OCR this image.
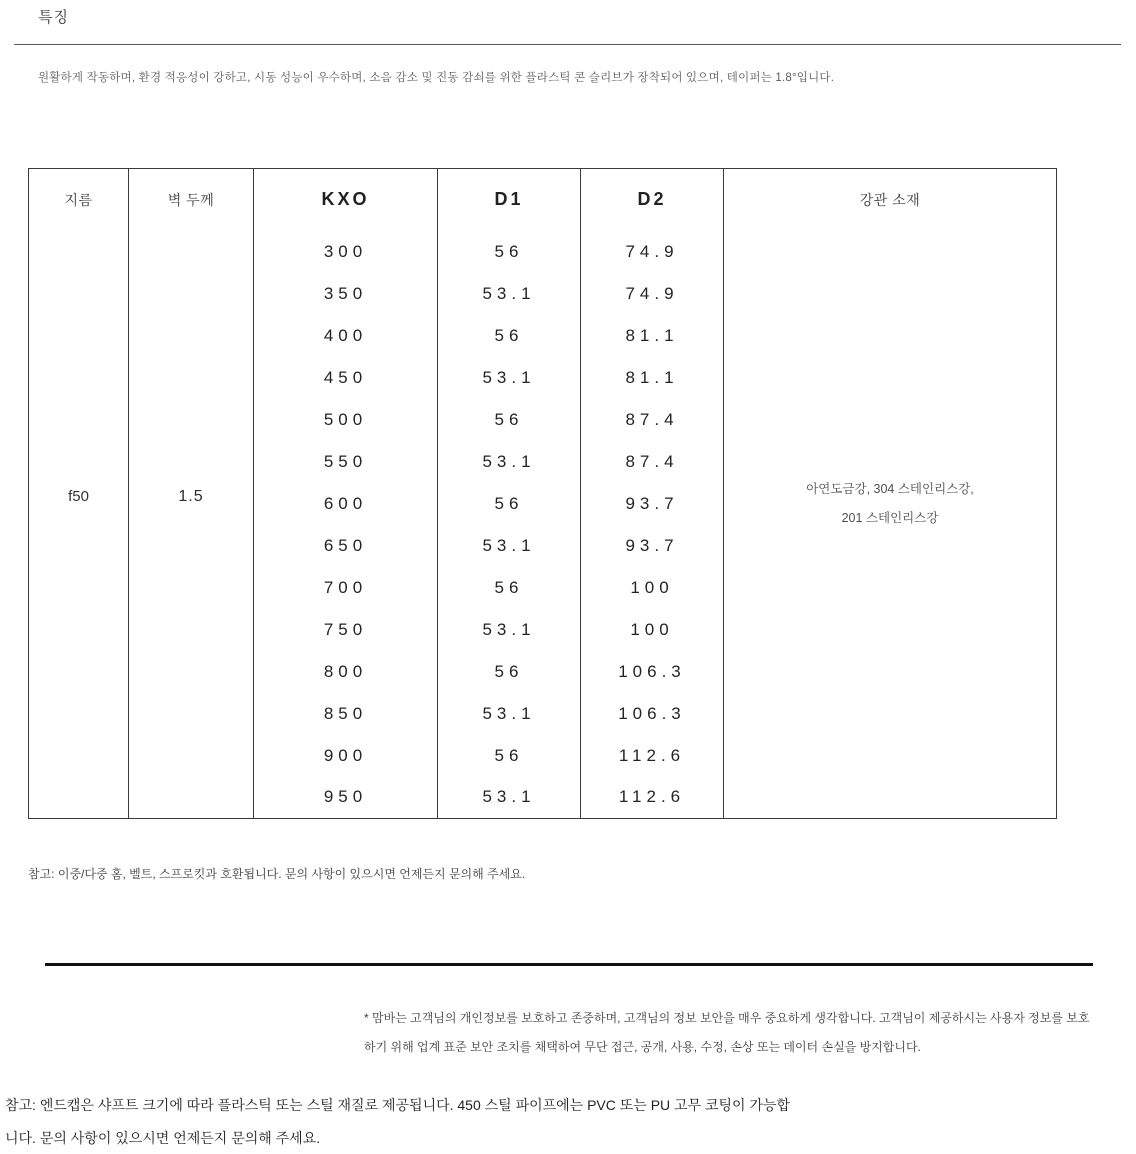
특징

원활하게 작동하며, 환경 적응성이 강하고, 시동 성능이 우수하며, 소음 감소 및 진동 감쇠를 위한 플라스틱 콘 슬리브가 장착되어 있으며, 테이퍼는 1.8°입니다.

지름	벽 두께	KXO	D1	D2	강관 소재
f50	1.5	300	56	74.9	아연도금강, 304 스테인리스강,
201 스테인리스강

		350	53.1	74.9	
		400	56	81.1	
		450	53.1	81.1	
		500	56	87.4	
		550	53.1	87.4	
		600	56	93.7	
		650	53.1	93.7	
		700	56	100	
		750	53.1	100	
		800	56	106.3	
		850	53.1	106.3	
		900	56	112.6	
		950	53.1	112.6	

참고: 이중/다중 홈, 벨트, 스프로킷과 호환됩니다. 문의 사항이 있으시면 언제든지 문의해 주세요.

* 맘바는 고객님의 개인정보를 보호하고 존중하며, 고객님의 정보 보안을 매우 중요하게 생각합니다. 고객님이 제공하시는 사용자 정보를 보호하기 위해 업계 표준 보안 조치를 채택하여 무단 접근, 공개, 사용, 수정, 손상 또는 데이터 손실을 방지합니다.

참고: 엔드캡은 샤프트 크기에 따라 플라스틱 또는 스틸 재질로 제공됩니다. 450 스틸 파이프에는 PVC 또는 PU 고무 코팅이 가능합니다. 문의 사항이 있으시면 언제든지 문의해 주세요.
